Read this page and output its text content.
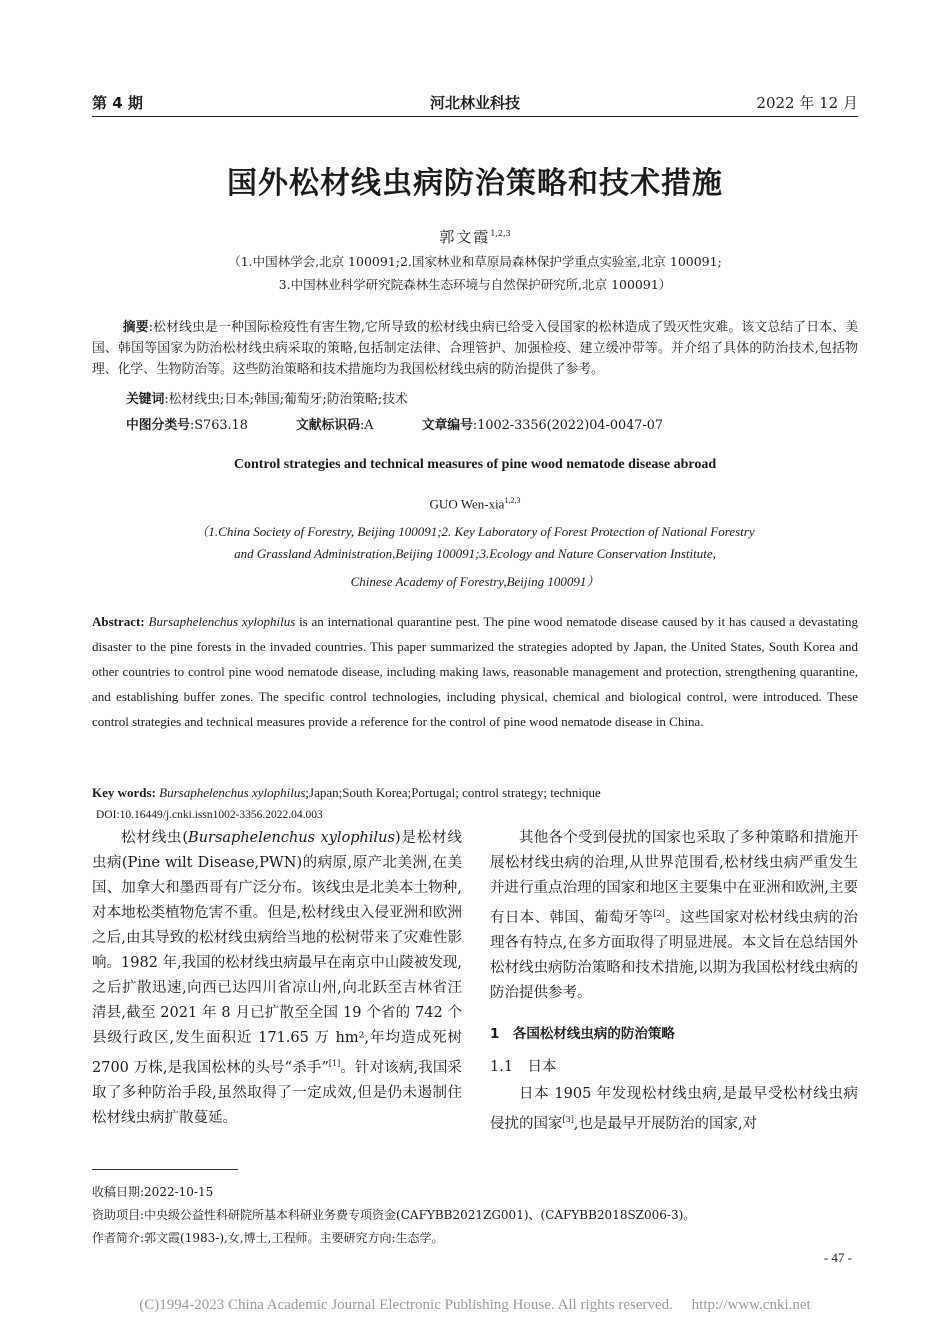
第 4 期	河北林业科技	2022 年 12 月
国外松材线虫病防治策略和技术措施
郭文霞$^{1,2,3}$
（1.中国林学会,北京 100091;2.国家林业和草原局森林保护学重点实验室,北京 100091;
3.中国林业科学研究院森林生态环境与自然保护研究所,北京 100091）
摘要:松材线虫是一种国际检疫性有害生物,它所导致的松材线虫病已给受入侵国家的松林造成了毁灭性灾难。该文总结了日本、美国、韩国等国家为防治松材线虫病采取的策略,包括制定法律、合理管护、加强检疫、建立缓冲带等。并介绍了具体的防治技术,包括物理、化学、生物防治等。这些防治策略和技术措施均为我国松材线虫病的防治提供了参考。
关键词:松材线虫;日本;韩国;葡萄牙;防治策略;技术
中图分类号:S763.18	文献标识码:A	文章编号:1002-3356(2022)04-0047-07
Control strategies and technical measures of pine wood nematode disease abroad
GUO Wen-xia$^{1,2,3}$
（1.China Society of Forestry, Beijing 100091;2. Key Laboratory of Forest Protection of National Forestry
and Grassland Administration,Beijing 100091;3.Ecology and Nature Conservation Institute,
Chinese Academy of Forestry,Beijing 100091）
Abstract: Bursaphelenchus xylophilus is an international quarantine pest. The pine wood nematode disease caused by it has caused a devastating disaster to the pine forests in the invaded countries. This paper summarized the strategies adopted by Japan, the United States, South Korea and other countries to control pine wood nematode disease, including making laws, reasonable management and protection, strengthening quarantine, and establishing buffer zones. The specific control technologies, including physical, chemical and biological control, were introduced. These control strategies and technical measures provide a reference for the control of pine wood nematode disease in China.
Key words: Bursaphelenchus xylophilus;Japan;South Korea;Portugal; control strategy; technique
DOI:10.16449/j.cnki.issn1002-3356.2022.04.003

松材线虫(Bursaphelenchus xylophilus)是松材线虫病(Pine wilt Disease,PWN)的病原,原产北美洲,在美国、加拿大和墨西哥有广泛分布。该线虫是北美本土物种,对本地松类植物危害不重。但是,松材线虫入侵亚洲和欧洲之后,由其导致的松材线虫病给当地的松树带来了灾难性影响。1982 年,我国的松材线虫病最早在南京中山陵被发现,之后扩散迅速,向西已达四川省凉山州,向北跃至吉林省汪清县,截至 2021 年 8 月已扩散至全国 19 个省的 742 个县级行政区,发生面积近 171.65 万 hm²,年均造成死树 2700 万株,是我国松林的头号“杀手”[1]。针对该病,我国采取了多种防治手段,虽然取得了一定成效,但是仍未遏制住松材线虫病扩散蔓延。

其他各个受到侵扰的国家也采取了多种策略和措施开展松材线虫病的治理,从世界范围看,松材线虫病严重发生并进行重点治理的国家和地区主要集中在亚洲和欧洲,主要有日本、韩国、葡萄牙等[2]。这些国家对松材线虫病的治理各有特点,在多方面取得了明显进展。本文旨在总结国外松材线虫病防治策略和技术措施,以期为我国松材线虫病的防治提供参考。

1　各国松材线虫病的防治策略
1.1　日本

日本 1905 年发现松材线虫病,是最早受松材线虫病侵扰的国家[3],也是最早开展防治的国家,对

收稿日期:2022-10-15
资助项目:中央级公益性科研院所基本科研业务费专项资金(CAFYBB2021ZG001)、(CAFYBB2018SZ006-3)。
作者简介:郭文霞(1983-),女,博士,工程师。主要研究方向:生态学。
- 47 -
(C)1994-2023 China Academic Journal Electronic Publishing House. All rights reserved.     http://www.cnki.net
